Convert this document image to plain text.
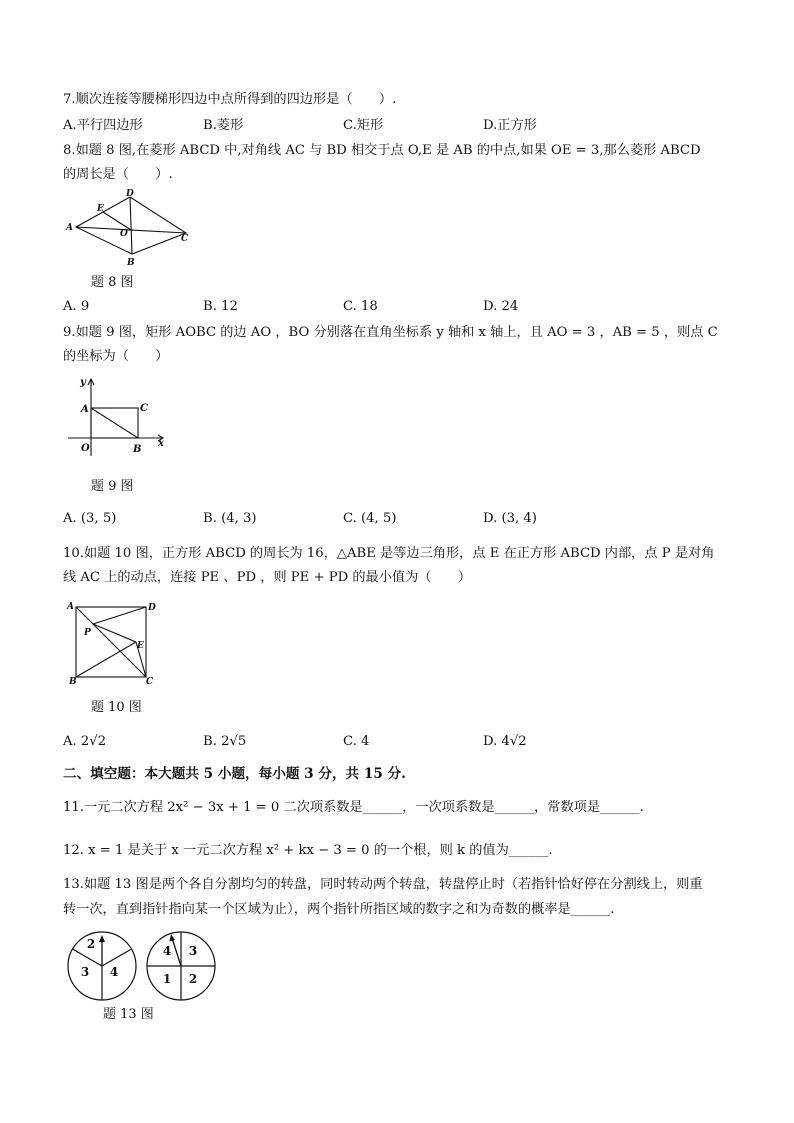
7.顺次连接等腰梯形四边中点所得到的四边形是（　　）.
A.平行四边形	B.菱形	C.矩形	D.正方形
8.如题 8 图,在菱形 ABCD 中,对角线 AC 与 BD 相交于点 O,E 是 AB 的中点,如果 OE = 3,那么菱形 ABCD
的周长是（　　）.
A
D
E
O	C
B
题 8 图
A. 9	B. 12	C. 18	D. 24
9.如题 9 图，矩形 AOBC 的边 AO ，BO 分别落在直角坐标系 y 轴和 x 轴上，且 AO = 3 ，AB = 5 ，则点 C
的坐标为（　　）
y
x
A	C
O	B
题 9 图
A. (3, 5)	B. (4, 3)	C. (4, 5)	D. (3, 4)
10.如题 10 图，正方形 ABCD 的周长为 16，△ABE 是等边三角形，点 E 在正方形 ABCD 内部，点 P 是对角
线 AC 上的动点，连接 PE 、PD ，则 PE + PD 的最小值为（　　）
A	D
P
E
B	C
题 10 图
A. 2√2	B. 2√5	C. 4	D. 4√2
二、填空题：本大题共 5 小题，每小题 3 分，共 15 分.
11.一元二次方程 2x² − 3x + 1 = 0 二次项系数是______，一次项系数是______，常数项是______.
12. x = 1 是关于 x 一元二次方程 x² + kx − 3 = 0 的一个根，则 k 的值为______.
13.如题 13 图是两个各自分割均匀的转盘，同时转动两个转盘，转盘停止时（若指针恰好停在分割线上，则重
转一次，直到指针指向某一个区域为止），两个指针所指区域的数字之和为奇数的概率是______.
2
3 4
4 3
1 2
题 13 图
